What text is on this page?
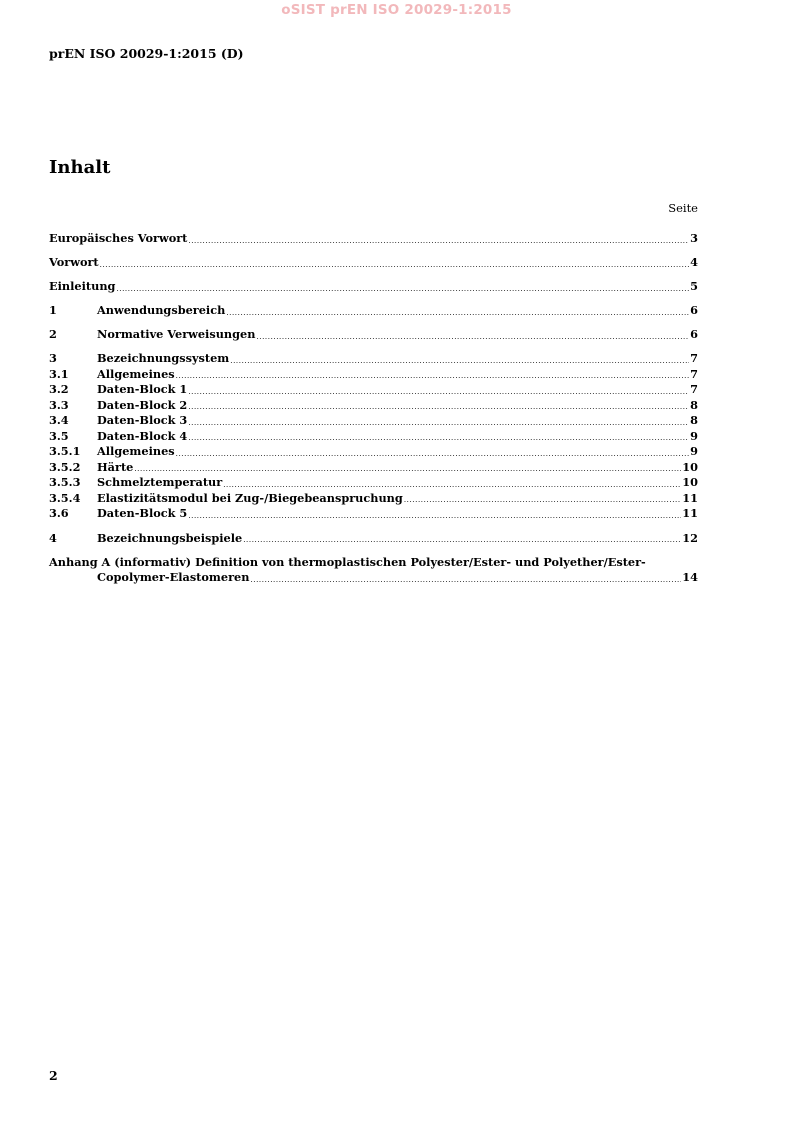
oSIST prEN ISO 20029-1:2015
prEN ISO 20029-1:2015 (D)
Inhalt
Seite
Europäisches Vorwort .....	3
Vorwort .....	4
Einleitung .....	5
1	Anwendungsbereich .....	6
2	Normative Verweisungen .....	6
3	Bezeichnungssystem .....	7
3.1	Allgemeines .....	7
3.2	Daten-Block 1 .....	7
3.3	Daten-Block 2 .....	8
3.4	Daten-Block 3 .....	8
3.5	Daten-Block 4 .....	9
3.5.1	Allgemeines .....	9
3.5.2	Härte .....	10
3.5.3	Schmelztemperatur .....	10
3.5.4	Elastizitätsmodul bei Zug-/Biegebeanspruchung .....	11
3.6	Daten-Block 5 .....	11
4	Bezeichnungsbeispiele .....	12
Anhang A (informativ) Definition von thermoplastischen Polyester/Ester- und Polyether/Ester-
Copolymer-Elastomeren .....	14
2
